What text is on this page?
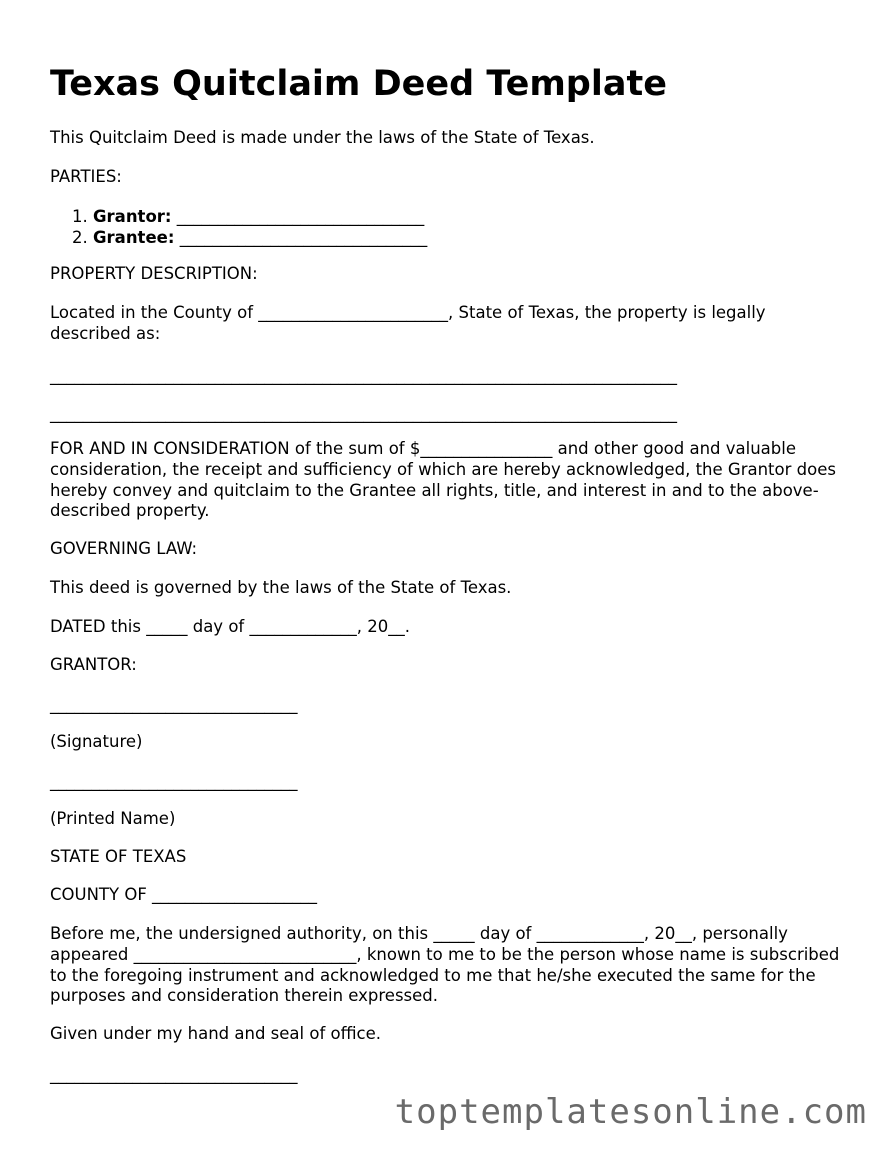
Texas Quitclaim Deed Template

This Quitclaim Deed is made under the laws of the State of Texas.

PARTIES:

1. Grantor: ______________________________
2. Grantee: ______________________________

PROPERTY DESCRIPTION:

Located in the County of _______________________, State of Texas, the property is legally described as:

____________________________________________________________________________

____________________________________________________________________________

FOR AND IN CONSIDERATION of the sum of $________________ and other good and valuable consideration, the receipt and sufficiency of which are hereby acknowledged, the Grantor does hereby convey and quitclaim to the Grantee all rights, title, and interest in and to the above-described property.

GOVERNING LAW:

This deed is governed by the laws of the State of Texas.

DATED this _____ day of _____________, 20__.

GRANTOR:

______________________________

(Signature)

______________________________

(Printed Name)

STATE OF TEXAS

COUNTY OF ____________________

Before me, the undersigned authority, on this _____ day of _____________, 20__, personally appeared ___________________________, known to me to be the person whose name is subscribed to the foregoing instrument and acknowledged to me that he/she executed the same for the purposes and consideration therein expressed.

Given under my hand and seal of office.

______________________________

toptemplatesonline.com
